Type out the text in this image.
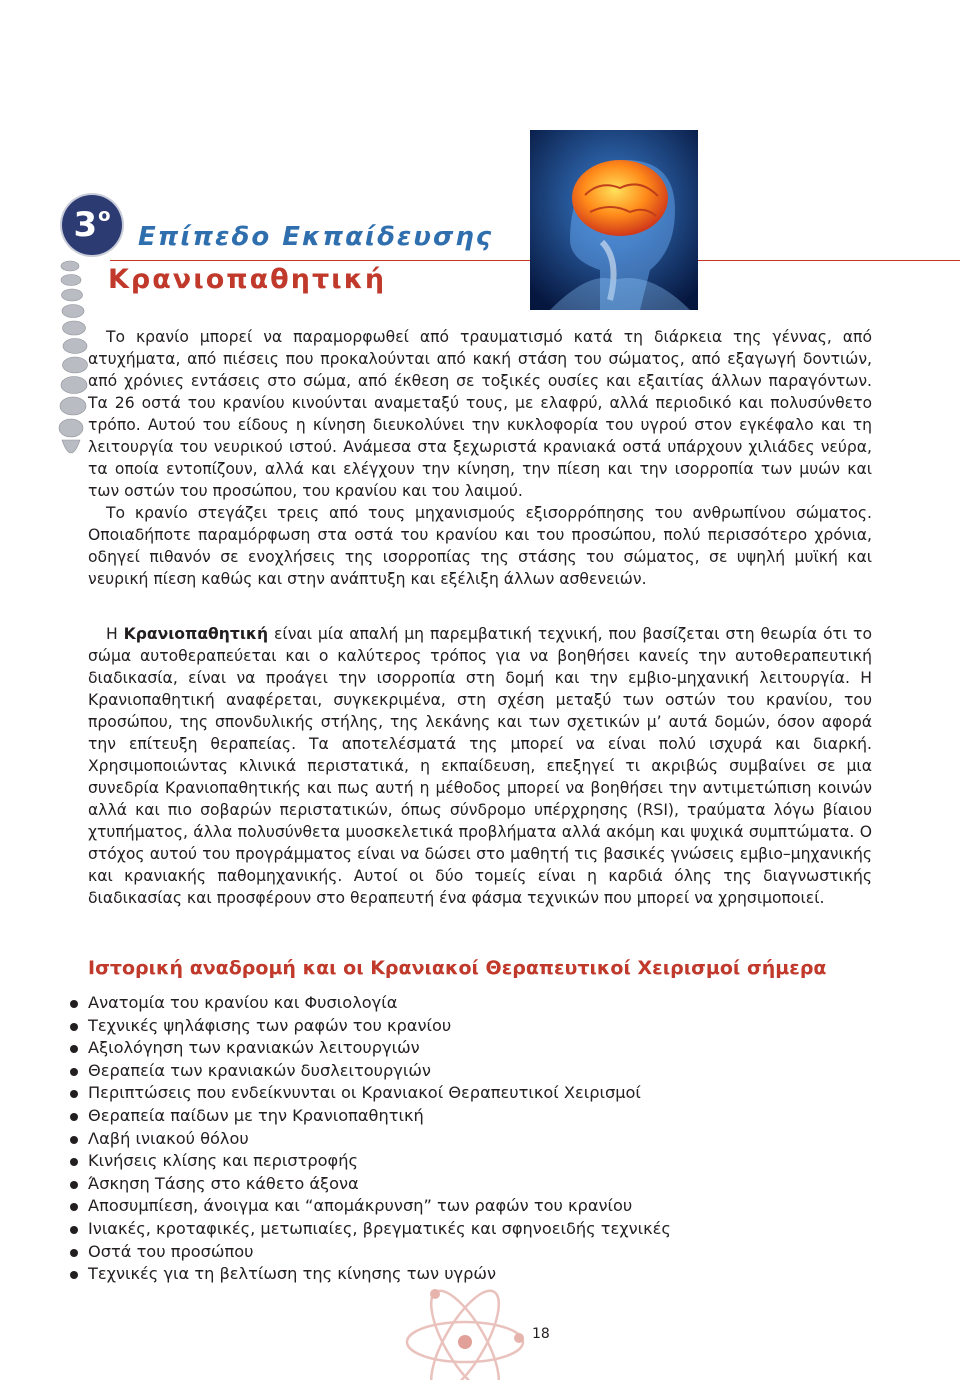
$3^o$
Επίπεδο Εκπαίδευσης
Κρανιοπαθητική

Το κρανίο μπορεί να παραμορφωθεί από τραυματισμό κατά τη διάρκεια της γέννας, από ατυχήματα, από πιέσεις που προκαλούνται από κακή στάση του σώματος, από εξαγωγή δοντιών, από χρόνιες εντάσεις στο σώμα, από έκθεση σε τοξικές ουσίες και εξαιτίας άλλων παραγόντων. Τα 26 οστά του κρανίου κινούνται αναμεταξύ τους, με ελαφρύ, αλλά περιοδικό και πολυσύνθετο τρόπο. Αυτού του είδους η κίνηση διευκολύνει την κυκλοφορία του υγρού στον εγκέφαλο και τη λειτουργία του νευρικού ιστού. Ανάμεσα στα ξεχωριστά κρανιακά οστά υπάρχουν χιλιάδες νεύρα, τα οποία εντοπίζουν, αλλά και ελέγχουν την κίνηση, την πίεση και την ισορροπία των μυών και των οστών του προσώπου, του κρανίου και του λαιμού.

Το κρανίο στεγάζει τρεις από τους μηχανισμούς εξισορρόπησης του ανθρωπίνου σώματος. Οποιαδήποτε παραμόρφωση στα οστά του κρανίου και του προσώπου, πολύ περισσότερο χρόνια, οδηγεί πιθανόν σε ενοχλήσεις της ισορροπίας της στάσης του σώματος, σε υψηλή μυϊκή και νευρική πίεση καθώς και στην ανάπτυξη και εξέλιξη άλλων ασθενειών.

Η Κρανιοπαθητική είναι μία απαλή μη παρεμβατική τεχνική, που βασίζεται στη θεωρία ότι το σώμα αυτοθεραπεύεται και ο καλύτερος τρόπος για να βοηθήσει κανείς την αυτοθεραπευτική διαδικασία, είναι να προάγει την ισορροπία στη δομή και την εμβιο-μηχανική λειτουργία. Η Κρανιοπαθητική αναφέρεται, συγκεκριμένα, στη σχέση μεταξύ των οστών του κρανίου, του προσώπου, της σπονδυλικής στήλης, της λεκάνης και των σχετικών μ’ αυτά δομών, όσον αφορά την επίτευξη θεραπείας. Τα αποτελέσματά της μπορεί να είναι πολύ ισχυρά και διαρκή. Χρησιμοποιώντας κλινικά περιστατικά, η εκπαίδευση, επεξηγεί τι ακριβώς συμβαίνει σε μια συνεδρία Κρανιοπαθητικής και πως αυτή η μέθοδος μπορεί να βοηθήσει την αντιμετώπιση κοινών αλλά και πιο σοβαρών περιστατικών, όπως σύνδρομο υπέρχρησης (RSI), τραύματα λόγω βίαιου χτυπήματος, άλλα πολυσύνθετα μυοσκελετικά προβλήματα αλλά ακόμη και ψυχικά συμπτώματα. Ο στόχος αυτού του προγράμματος είναι να δώσει στο μαθητή τις βασικές γνώσεις εμβιο–μηχανικής και κρανιακής παθομηχανικής. Αυτοί οι δύο τομείς είναι η καρδιά όλης της διαγνωστικής διαδικασίας και προσφέρουν στο θεραπευτή ένα φάσμα τεχνικών που μπορεί να χρησιμοποιεί.

Ιστορική αναδρομή και οι Κρανιακοί Θεραπευτικοί Χειρισμοί σήμερα
Ανατομία του κρανίου και Φυσιολογία
Τεχνικές ψηλάφισης των ραφών του κρανίου
Αξιολόγηση των κρανιακών λειτουργιών
Θεραπεία των κρανιακών δυσλειτουργιών
Περιπτώσεις που ενδείκνυνται οι Κρανιακοί Θεραπευτικοί Χειρισμοί
Θεραπεία παίδων με την Κρανιοπαθητική
Λαβή ινιακού θόλου
Κινήσεις κλίσης και περιστροφής
Άσκηση Τάσης στο κάθετο άξονα
Αποσυμπίεση, άνοιγμα και “απομάκρυνση” των ραφών του κρανίου
Ινιακές, κροταφικές, μετωπιαίες, βρεγματικές και σφηνοειδής τεχνικές
Οστά του προσώπου
Τεχνικές για τη βελτίωση της κίνησης των υγρών
18
